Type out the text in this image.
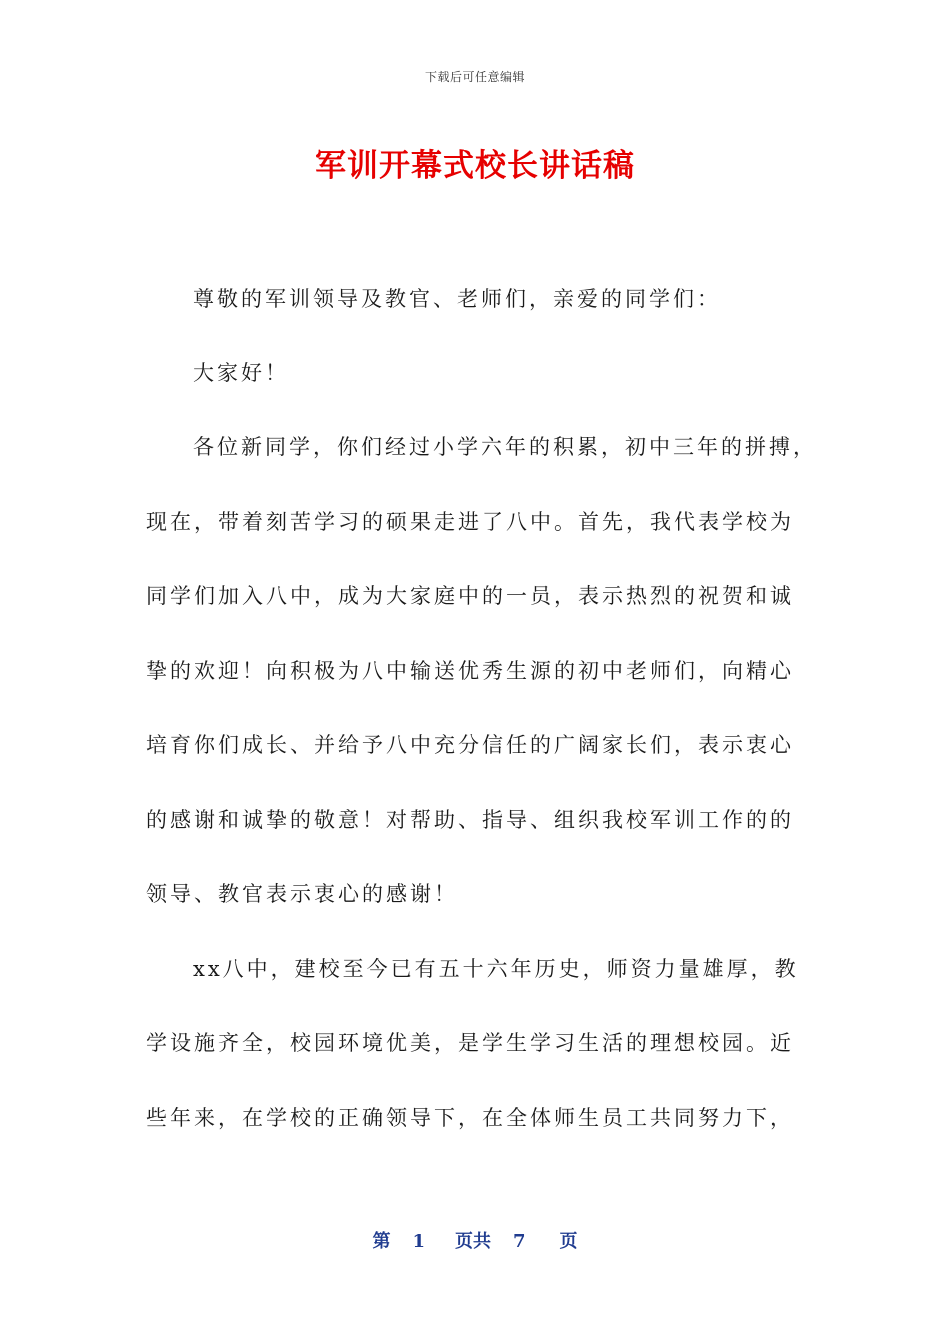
下载后可任意编辑
军训开幕式校长讲话稿

尊敬的军训领导及教官、老师们，亲爱的同学们：

大家好！

各位新同学，你们经过小学六年的积累，初中三年的拼搏，

现在，带着刻苦学习的硕果走进了八中。首先，我代表学校为

同学们加入八中，成为大家庭中的一员，表示热烈的祝贺和诚

挚的欢迎！向积极为八中输送优秀生源的初中老师们，向精心

培育你们成长、并给予八中充分信任的广阔家长们，表示衷心

的感谢和诚挚的敬意！对帮助、指导、组织我校军训工作的的

领导、教官表示衷心的感谢！

xx八中，建校至今已有五十六年历史，师资力量雄厚，教

学设施齐全，校园环境优美，是学生学习生活的理想校园。近

些年来，在学校的正确领导下，在全体师生员工共同努力下，

第 1 页共 7 页
